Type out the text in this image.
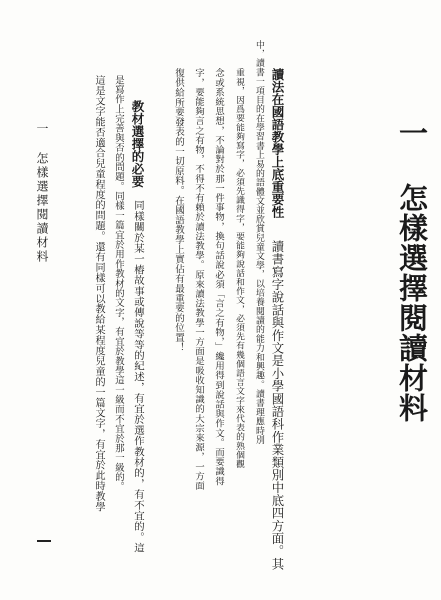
一 怎樣選擇閱讀材料
讀法在國語教學上底重要性
讀書寫字說話與作文是小學國語科作業類別中底四方面。其
中，讀書一項目的在學習書上易的語體文並欣賞兒童文學，以培養閱讀的能力和興趣。讀書理應時別
重視，因爲要能夠寫字，必須先識得字，要能夠說話和作文，必須先有幾個語言文字來代表的熟個觀
念或系統思想，不論對於那一件事物，換句話說必須「言之有物，」纔用得到說話與作文。而要識得
字，要能夠言之有物，不得不有賴於讀法教學。原來讀法教學一方面是吸收知識的大宗來源，一方面
復供給所要發表的一切原料。在國語教學上實佔有最重要的位置！
教材選擇的必要
同樣關於某一樁故事或傳說等等的紀述，有宜於選作教材的，有不宜的。這
是寫作上完善與否的問題。同樣一篇宜於用作教材的文字，有宜於教學這一級而不宜於那一級的。
這是文字能否適合兒童程度的問題。還有同樣可以教給某程度兒童的一篇文字，有宜於此時教學
一 怎樣選擇閱讀材料
